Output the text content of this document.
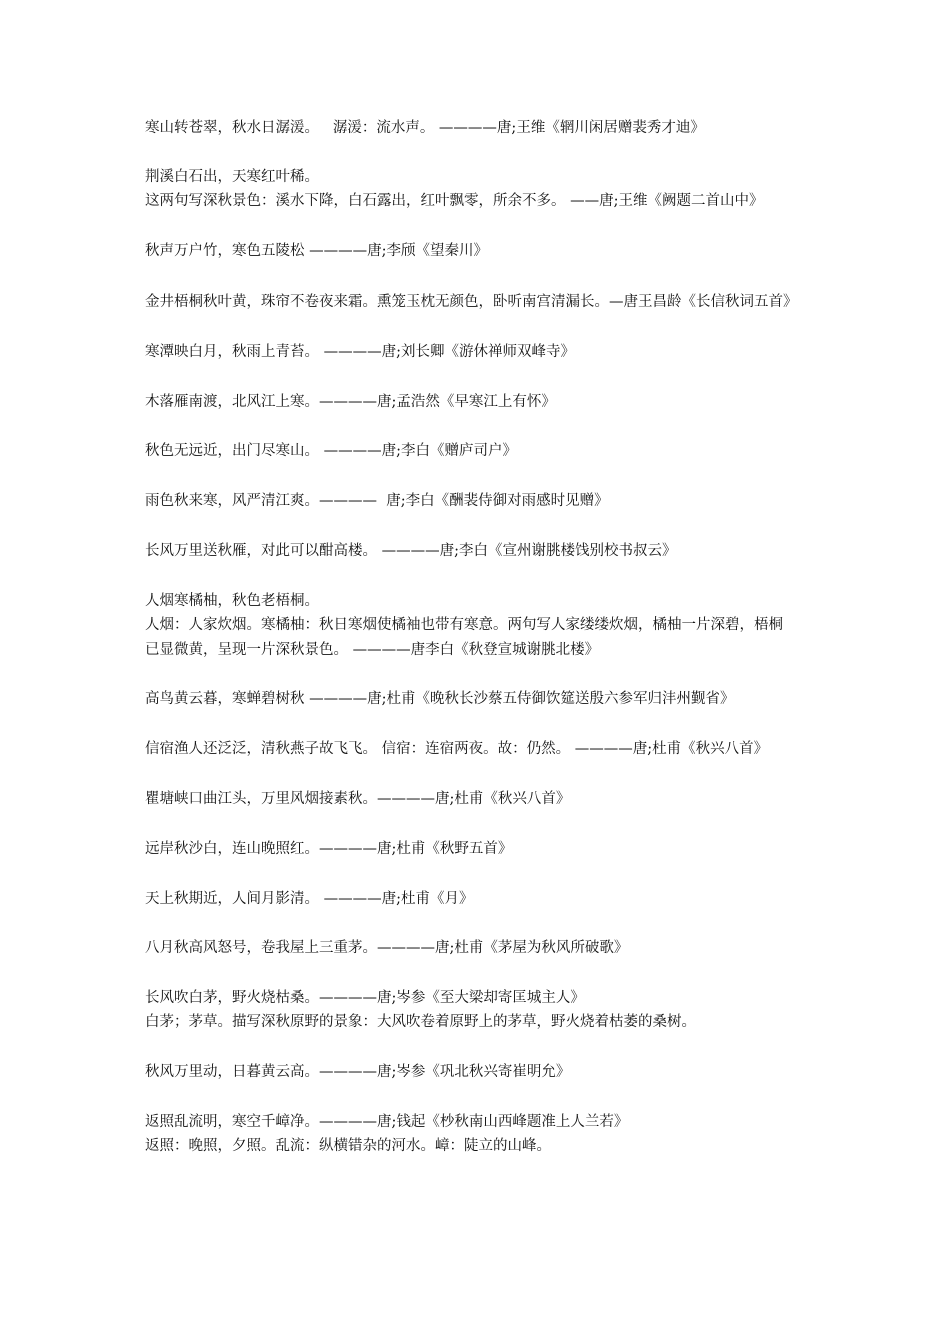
寒山转苍翠，秋水日潺湲。   潺湲：流水声。 ————唐;王维《辋川闲居赠裴秀才迪》
荆溪白石出，天寒红叶稀。
这两句写深秋景色：溪水下降，白石露出，红叶飘零，所余不多。 ——唐;王维《阙题二首山中》
秋声万户竹，寒色五陵松 ————唐;李颀《望秦川》
金井梧桐秋叶黄，珠帘不卷夜来霜。熏笼玉枕无颜色，卧听南宫清漏长。—唐王昌龄《长信秋词五首》
寒潭映白月，秋雨上青苔。 ————唐;刘长卿《游休禅师双峰寺》
木落雁南渡，北风江上寒。————唐;孟浩然《早寒江上有怀》
秋色无远近，出门尽寒山。 ————唐;李白《赠庐司户》
雨色秋来寒，风严清江爽。————  唐;李白《酬裴侍御对雨感时见赠》
长风万里送秋雁，对此可以酣高楼。 ————唐;李白《宣州谢朓楼饯别校书叔云》
人烟寒橘柚，秋色老梧桐。
人烟：人家炊烟。寒橘柚：秋日寒烟使橘袖也带有寒意。两句写人家缕缕炊烟，橘柚一片深碧，梧桐
已显微黄，呈现一片深秋景色。 ————唐李白《秋登宣城谢朓北楼》
高鸟黄云暮，寒蝉碧树秋 ————唐;杜甫《晚秋长沙蔡五侍御饮筵送殷六参军归沣州觐省》
信宿渔人还泛泛，清秋燕子故飞飞。 信宿：连宿两夜。故：仍然。 ————唐;杜甫《秋兴八首》
瞿塘峡口曲江头，万里风烟接素秋。————唐;杜甫《秋兴八首》
远岸秋沙白，连山晚照红。————唐;杜甫《秋野五首》
天上秋期近，人间月影清。 ————唐;杜甫《月》
八月秋高风怒号，卷我屋上三重茅。————唐;杜甫《茅屋为秋风所破歌》
长风吹白茅，野火烧枯桑。————唐;岑参《至大梁却寄匡城主人》
白茅；茅草。描写深秋原野的景象：大风吹卷着原野上的茅草，野火烧着枯萎的桑树。
秋风万里动，日暮黄云高。————唐;岑参《巩北秋兴寄崔明允》
返照乱流明，寒空千嶂净。————唐;钱起《杪秋南山西峰题准上人兰若》
返照：晚照，夕照。乱流：纵横错杂的河水。嶂：陡立的山峰。
